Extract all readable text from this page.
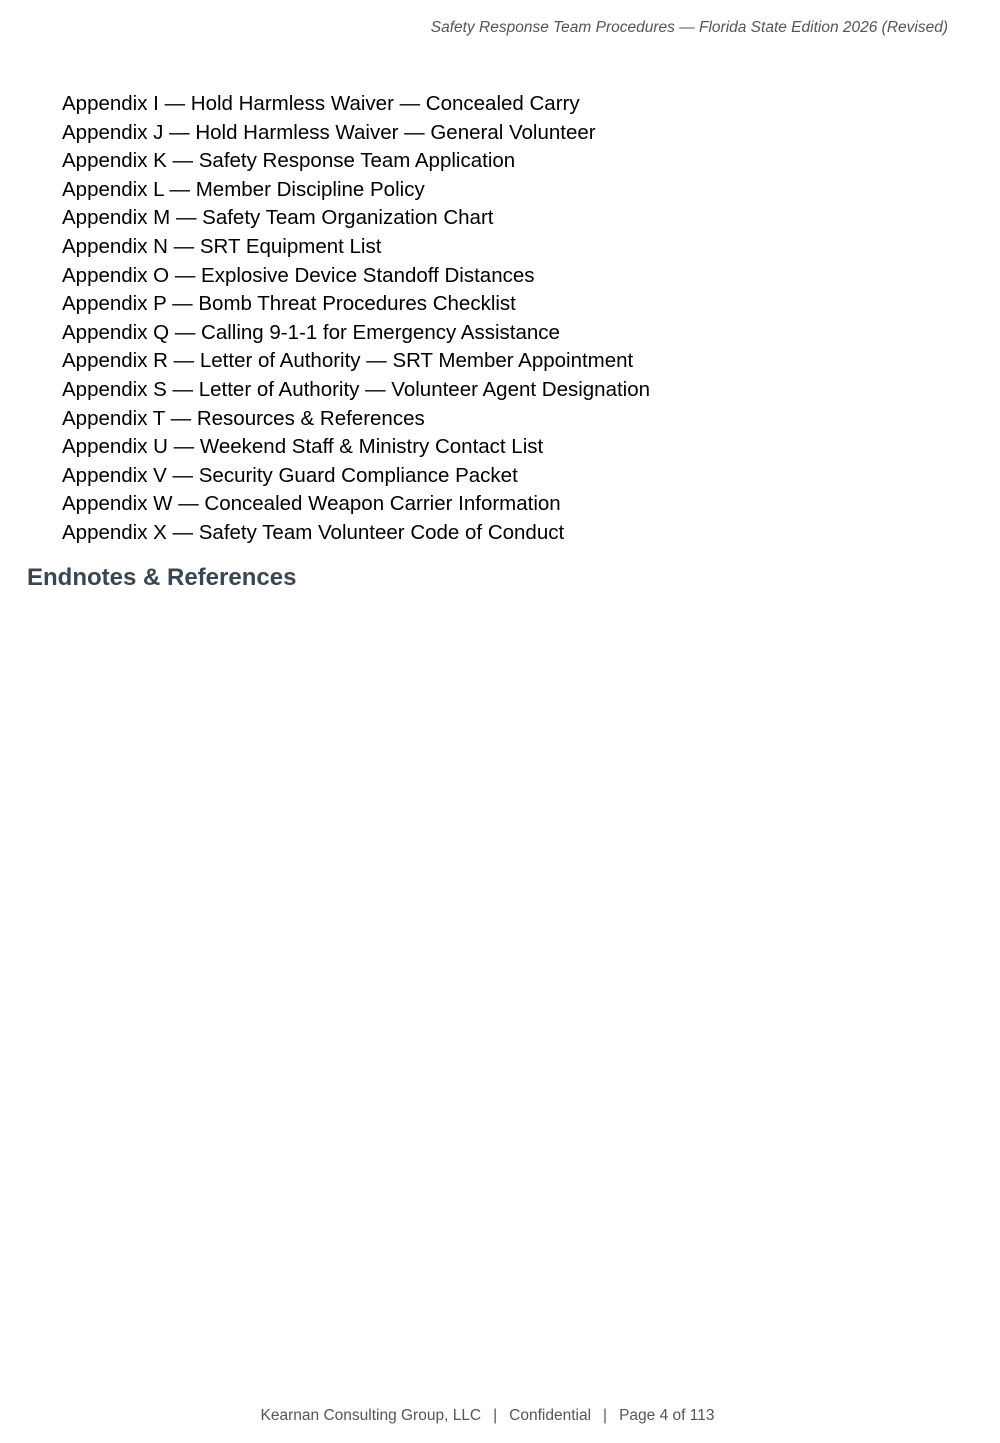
Safety Response Team Procedures — Florida State Edition 2026 (Revised)
Appendix I — Hold Harmless Waiver — Concealed Carry
Appendix J — Hold Harmless Waiver — General Volunteer
Appendix K — Safety Response Team Application
Appendix L — Member Discipline Policy
Appendix M — Safety Team Organization Chart
Appendix N — SRT Equipment List
Appendix O — Explosive Device Standoff Distances
Appendix P — Bomb Threat Procedures Checklist
Appendix Q — Calling 9-1-1 for Emergency Assistance
Appendix R — Letter of Authority — SRT Member Appointment
Appendix S — Letter of Authority — Volunteer Agent Designation
Appendix T — Resources & References
Appendix U — Weekend Staff & Ministry Contact List
Appendix V — Security Guard Compliance Packet
Appendix W — Concealed Weapon Carrier Information
Appendix X — Safety Team Volunteer Code of Conduct
Endnotes & References
Kearnan Consulting Group, LLC | Confidential | Page 4 of 113
